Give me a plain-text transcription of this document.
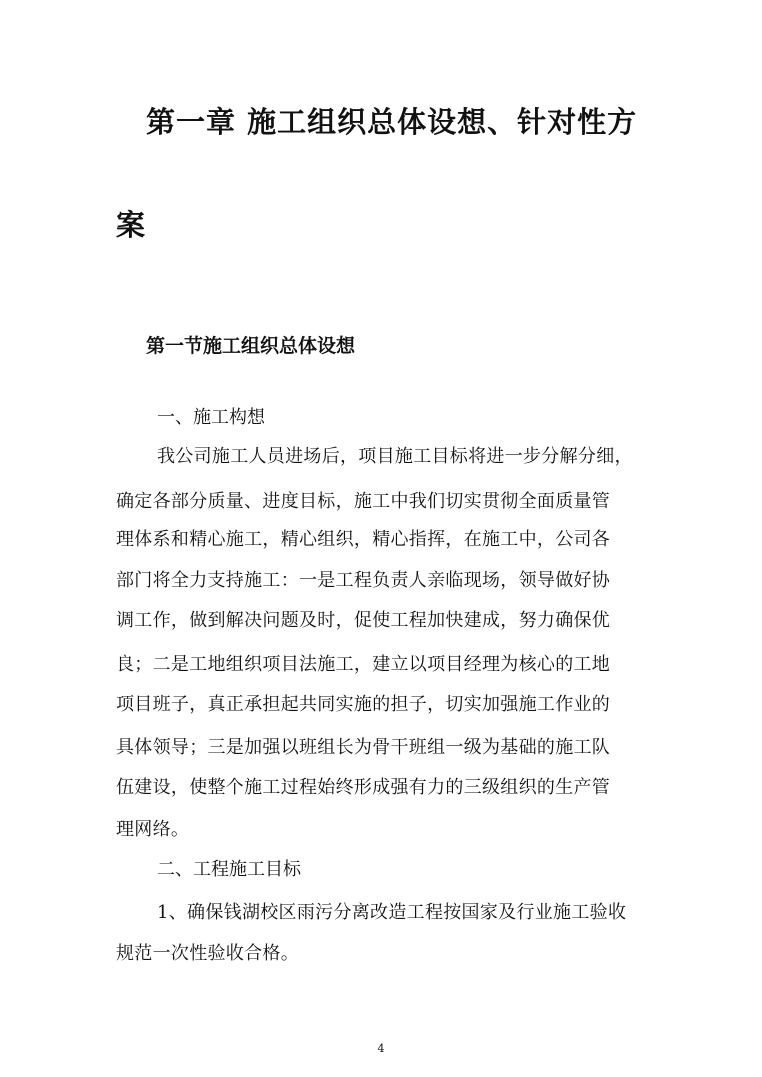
第一章 施工组织总体设想、针对性方
案
第一节施工组织总体设想
一、施工构想
我公司施工人员进场后，项目施工目标将进一步分解分细，
确定各部分质量、进度目标，施工中我们切实贯彻全面质量管
理体系和精心施工，精心组织，精心指挥，在施工中，公司各
部门将全力支持施工：一是工程负责人亲临现场，领导做好协
调工作，做到解决问题及时，促使工程加快建成，努力确保优
良；二是工地组织项目法施工，建立以项目经理为核心的工地
项目班子，真正承担起共同实施的担子，切实加强施工作业的
具体领导；三是加强以班组长为骨干班组一级为基础的施工队
伍建设，使整个施工过程始终形成强有力的三级组织的生产管
理网络。
二、工程施工目标
1、确保钱湖校区雨污分离改造工程按国家及行业施工验收
规范一次性验收合格。
4
